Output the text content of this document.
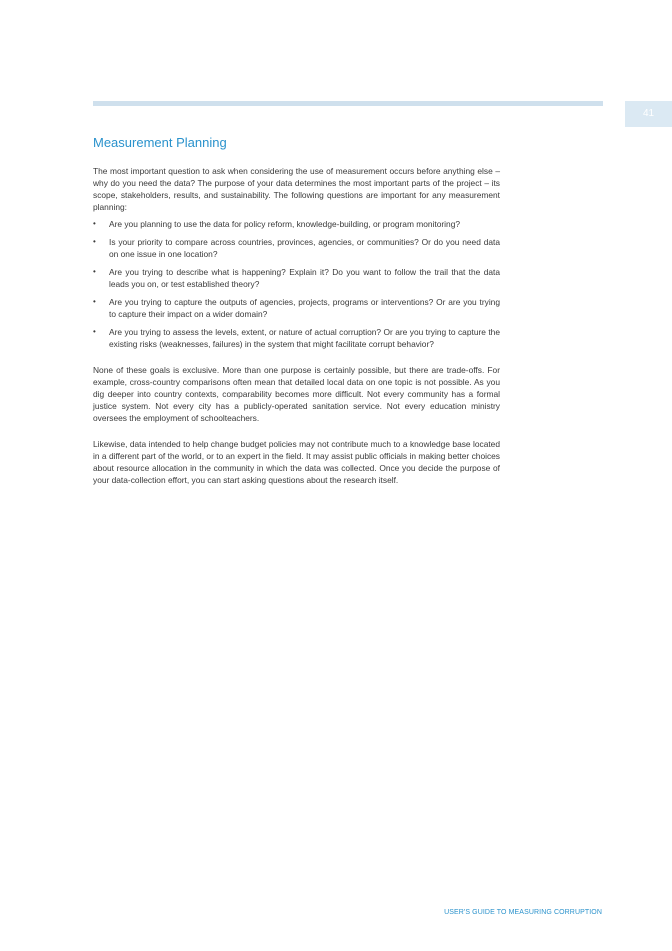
41
Measurement Planning

The most important question to ask when considering the use of measurement occurs before anything else – why do you need the data? The purpose of your data determines the most important parts of the project – its scope, stakeholders, results, and sustainability. The following questions are important for any measurement planning:

• Are you planning to use the data for policy reform, knowledge-building, or program monitoring?
• Is your priority to compare across countries, provinces, agencies, or communities? Or do you need data on one issue in one location?
• Are you trying to describe what is happening? Explain it? Do you want to follow the trail that the data leads you on, or test established theory?
• Are you trying to capture the outputs of agencies, projects, programs or interventions? Or are you trying to capture their impact on a wider domain?
• Are you trying to assess the levels, extent, or nature of actual corruption? Or are you trying to capture the existing risks (weaknesses, failures) in the system that might facilitate corrupt behavior?

None of these goals is exclusive. More than one purpose is certainly possible, but there are trade-offs. For example, cross-country comparisons often mean that detailed local data on one topic is not possible. As you dig deeper into country contexts, comparability becomes more difficult. Not every community has a formal justice system. Not every city has a publicly-operated sanitation service. Not every education ministry oversees the employment of schoolteachers.

Likewise, data intended to help change budget policies may not contribute much to a knowledge base located in a different part of the world, or to an expert in the field. It may assist public officials in making better choices about resource allocation in the community in which the data was collected. Once you decide the purpose of your data-collection effort, you can start asking questions about the research itself.

USER'S GUIDE TO MEASURING CORRUPTION
